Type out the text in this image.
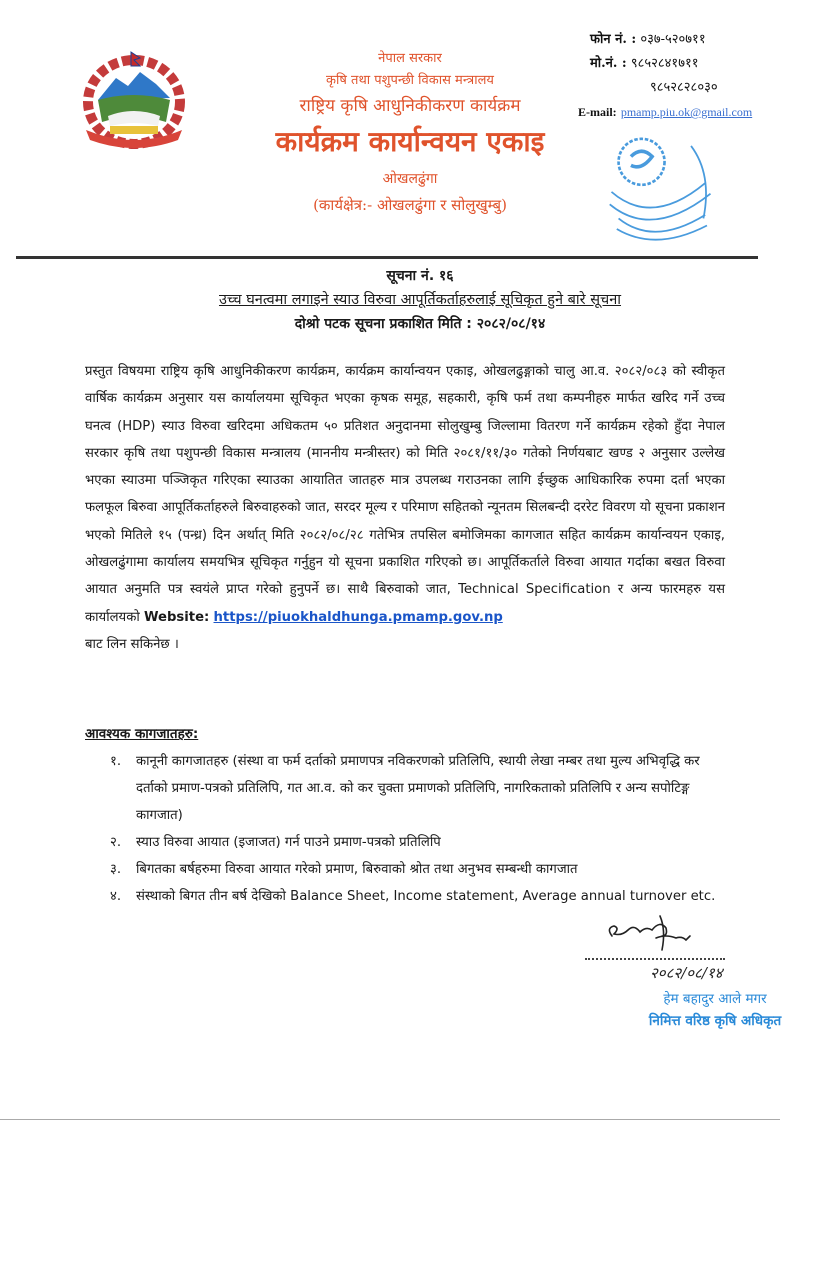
नेपाल सरकार
कृषि तथा पशुपन्छी विकास मन्त्रालय
राष्ट्रिय कृषि आधुनिकीकरण कार्यक्रम
कार्यक्रम कार्यान्वयन एकाइ
ओखलढुंगा
(कार्यक्षेत्र:- ओखलढुंगा र सोलुखुम्बु)
फोन नं. : ०३७-५२०७११
मो.नं. : ९८५२८४१७११
९८५२८२८०३०
E-mail: pmamp.piu.ok@gmail.com
सूचना नं. १६
उच्च घनत्वमा लगाइने स्याउ विरुवा आपूर्तिकर्ताहरुलाई सूचिकृत हुने बारे सूचना
दोश्रो पटक सूचना प्रकाशित मिति : २०८२/०८/१४
प्रस्तुत विषयमा राष्ट्रिय कृषि आधुनिकीकरण कार्यक्रम, कार्यक्रम कार्यान्वयन एकाइ, ओखलढुङ्गाको चालु आ.व. २०८२/०८३ को स्वीकृत वार्षिक कार्यक्रम अनुसार यस कार्यालयमा सूचिकृत भएका कृषक समूह, सहकारी, कृषि फर्म तथा कम्पनीहरु मार्फत खरिद गर्ने उच्च घनत्व (HDP) स्याउ विरुवा खरिदमा अधिकतम ५० प्रतिशत अनुदानमा सोलुखुम्बु जिल्लामा वितरण गर्ने कार्यक्रम रहेको हुँदा नेपाल सरकार कृषि तथा पशुपन्छी विकास मन्त्रालय (माननीय मन्त्रीस्तर) को मिति २०८१/११/३० गतेको निर्णयबाट खण्ड २ अनुसार उल्लेख भएका स्याउमा पञ्जिकृत गरिएका स्याउका आयातित जातहरु मात्र उपलब्ध गराउनका लागि ईच्छुक आधिकारिक रुपमा दर्ता भएका फलफूल बिरुवा आपूर्तिकर्ताहरुले बिरुवाहरुको जात, सरदर मूल्य र परिमाण सहितको न्यूनतम सिलबन्दी दररेट विवरण यो सूचना प्रकाशन भएको मितिले १५ (पन्ध्र) दिन अर्थात् मिति २०८२/०८/२८ गतेभित्र तपसिल बमोजिमका कागजात सहित कार्यक्रम कार्यान्वयन एकाइ, ओखलढुंगामा कार्यालय समयभित्र सूचिकृत गर्नुहुन यो सूचना प्रकाशित गरिएको छ। आपूर्तिकर्ताले विरुवा आयात गर्दाका बखत विरुवा आयात अनुमति पत्र स्वयंले प्राप्त गरेको हुनुपर्ने छ। साथै बिरुवाको जात, Technical Specification र अन्य फारमहरु यस कार्यालयको Website: https://piuokhaldhunga.pmamp.gov.np
बाट लिन सकिनेछ ।
आवश्यक कागजातहरु:
१.	कानूनी कागजातहरु (संस्था वा फर्म दर्ताको प्रमाणपत्र नविकरणको प्रतिलिपि, स्थायी लेखा नम्बर तथा मुल्य अभिवृद्धि कर दर्ताको प्रमाण-पत्रको प्रतिलिपि, गत आ.व. को कर चुक्ता प्रमाणको प्रतिलिपि, नागरिकताको प्रतिलिपि र अन्य सपोटिङ्ग कागजात)
२.	स्याउ विरुवा आयात (इजाजत) गर्न पाउने प्रमाण-पत्रको प्रतिलिपि
३.	बिगतका बर्षहरुमा विरुवा आयात गरेको प्रमाण, बिरुवाको श्रोत तथा अनुभव सम्बन्धी कागजात
४.	संस्थाको बिगत तीन बर्ष देखिको Balance Sheet, Income statement, Average annual turnover etc.
२०८२/०८/१४
हेम बहादुर आले मगर
निमित्त वरिष्ठ कृषि अधिकृत
